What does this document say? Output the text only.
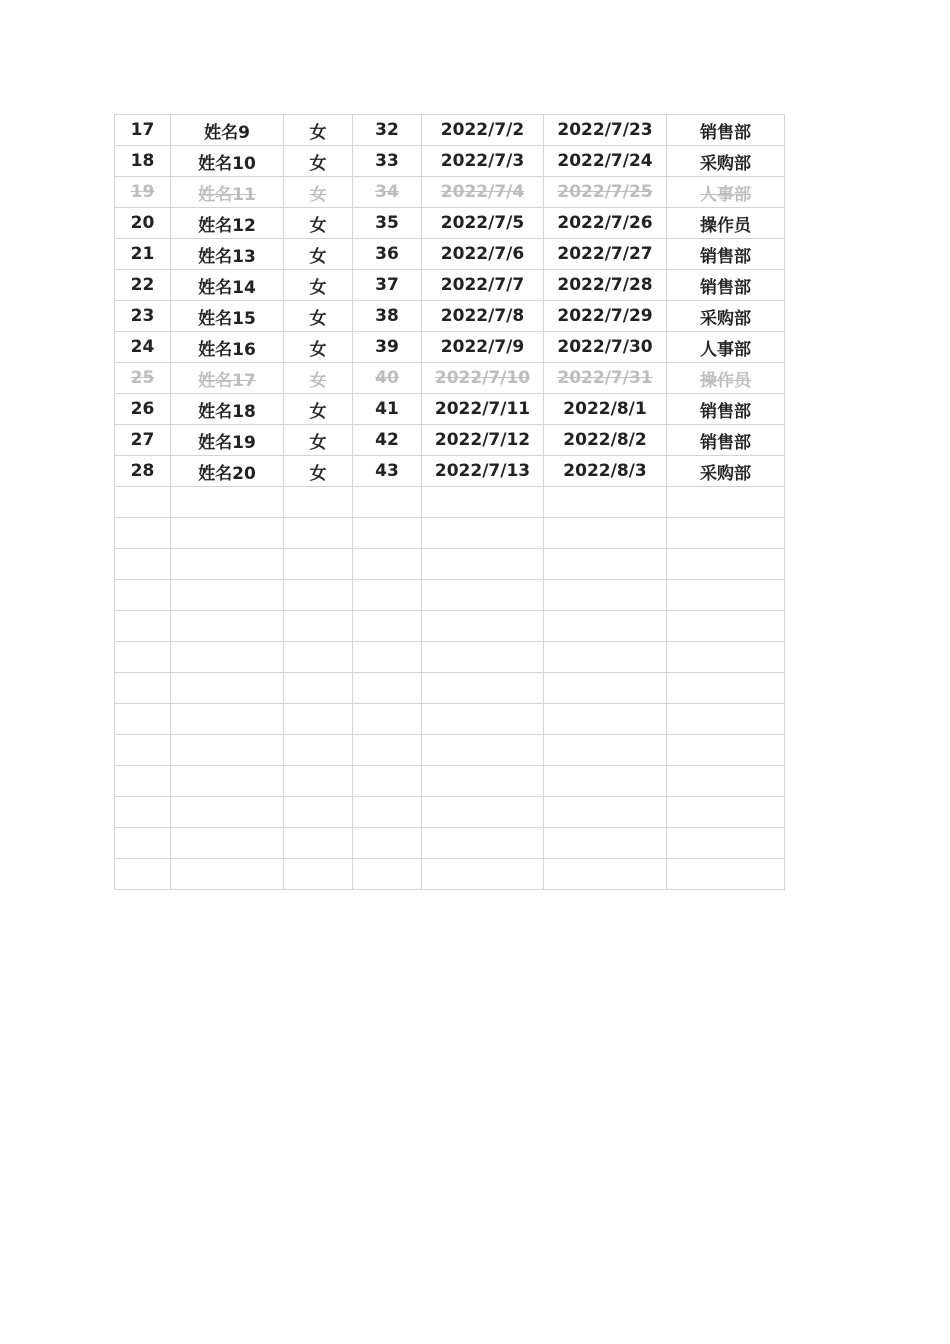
17	姓名9	女	32	2022/7/2	2022/7/23	销售部
18	姓名10	女	33	2022/7/3	2022/7/24	采购部
19	姓名11	女	34	2022/7/4	2022/7/25	人事部
20	姓名12	女	35	2022/7/5	2022/7/26	操作员
21	姓名13	女	36	2022/7/6	2022/7/27	销售部
22	姓名14	女	37	2022/7/7	2022/7/28	销售部
23	姓名15	女	38	2022/7/8	2022/7/29	采购部
24	姓名16	女	39	2022/7/9	2022/7/30	人事部
25	姓名17	女	40	2022/7/10	2022/7/31	操作员
26	姓名18	女	41	2022/7/11	2022/8/1	销售部
27	姓名19	女	42	2022/7/12	2022/8/2	销售部
28	姓名20	女	43	2022/7/13	2022/8/3	采购部
